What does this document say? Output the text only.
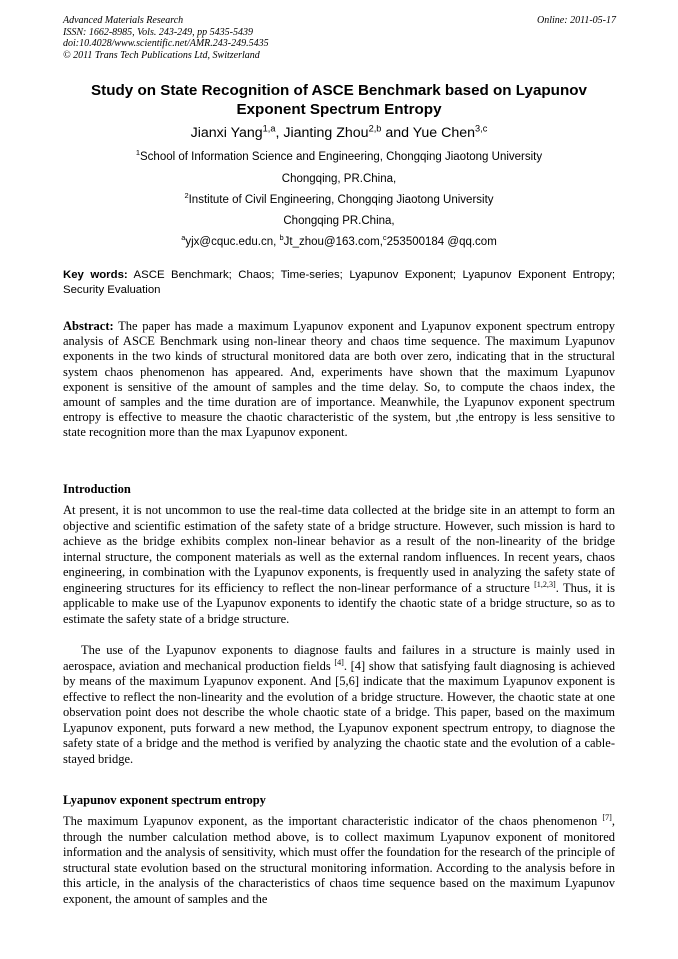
Advanced Materials Research
ISSN: 1662-8985, Vols. 243-249, pp 5435-5439
doi:10.4028/www.scientific.net/AMR.243-249.5435
© 2011 Trans Tech Publications Ltd, Switzerland
Online: 2011-05-17
Study on State Recognition of ASCE Benchmark based on Lyapunov Exponent Spectrum Entropy
Jianxi Yang$^{1,a}$, Jianting Zhou$^{2,b}$ and Yue Chen$^{3,c}$
$^1$School of Information Science and Engineering, Chongqing Jiaotong University
Chongqing, PR.China,
$^2$Institute of Civil Engineering, Chongqing Jiaotong University
Chongqing PR.China,
$^a$yjx@cquc.edu.cn, $^b$Jt_zhou@163.com,$^c$253500184 @qq.com
Key words: ASCE Benchmark; Chaos; Time-series; Lyapunov Exponent; Lyapunov Exponent Entropy; Security Evaluation
Abstract: The paper has made a maximum Lyapunov exponent and Lyapunov exponent spectrum entropy analysis of ASCE Benchmark using non-linear theory and chaos time sequence. The maximum Lyapunov exponents in the two kinds of structural monitored data are both over zero, indicating that in the structural system chaos phenomenon has appeared. And, experiments have shown that the maximum Lyapunov exponent is sensitive of the amount of samples and the time delay. So, to compute the chaos index, the amount of samples and the time duration are of importance. Meanwhile, the Lyapunov exponent spectrum entropy is effective to measure the chaotic characteristic of the system, but ,the entropy is less sensitive to state recognition more than the max Lyapunov exponent.
Introduction
At present, it is not uncommon to use the real-time data collected at the bridge site in an attempt to form an objective and scientific estimation of the safety state of a bridge structure. However, such mission is hard to achieve as the bridge exhibits complex non-linear behavior as a result of the non-linearity of the bridge internal structure, the component materials as well as the external random influences. In recent years, chaos engineering, in combination with the Lyapunov exponents, is frequently used in analyzing the safety state of engineering structures for its efficiency to reflect the non-linear performance of a structure [1,2,3]. Thus, it is applicable to make use of the Lyapunov exponents to identify the chaotic state of a bridge structure, so as to estimate the safety state of a bridge structure.
The use of the Lyapunov exponents to diagnose faults and failures in a structure is mainly used in aerospace, aviation and mechanical production fields [4]. [4] show that satisfying fault diagnosing is achieved by means of the maximum Lyapunov exponent. And [5,6] indicate that the maximum Lyapunov exponent is effective to reflect the non-linearity and the evolution of a bridge structure. However, the chaotic state at one observation point does not describe the whole chaotic state of a bridge. This paper, based on the maximum Lyapunov exponent, puts forward a new method, the Lyapunov exponent spectrum entropy, to diagnose the safety state of a bridge and the method is verified by analyzing the chaotic state and the evolution of a cable-stayed bridge.
Lyapunov exponent spectrum entropy
The maximum Lyapunov exponent, as the important characteristic indicator of the chaos phenomenon [7], through the number calculation method above, is to collect maximum Lyapunov exponent of monitored information and the analysis of sensitivity, which must offer the foundation for the research of the principle of structural state evolution based on the structural monitoring information. According to the analysis before in this article, in the analysis of the characteristics of chaos time sequence based on the maximum Lyapunov exponent, the amount of samples and the
